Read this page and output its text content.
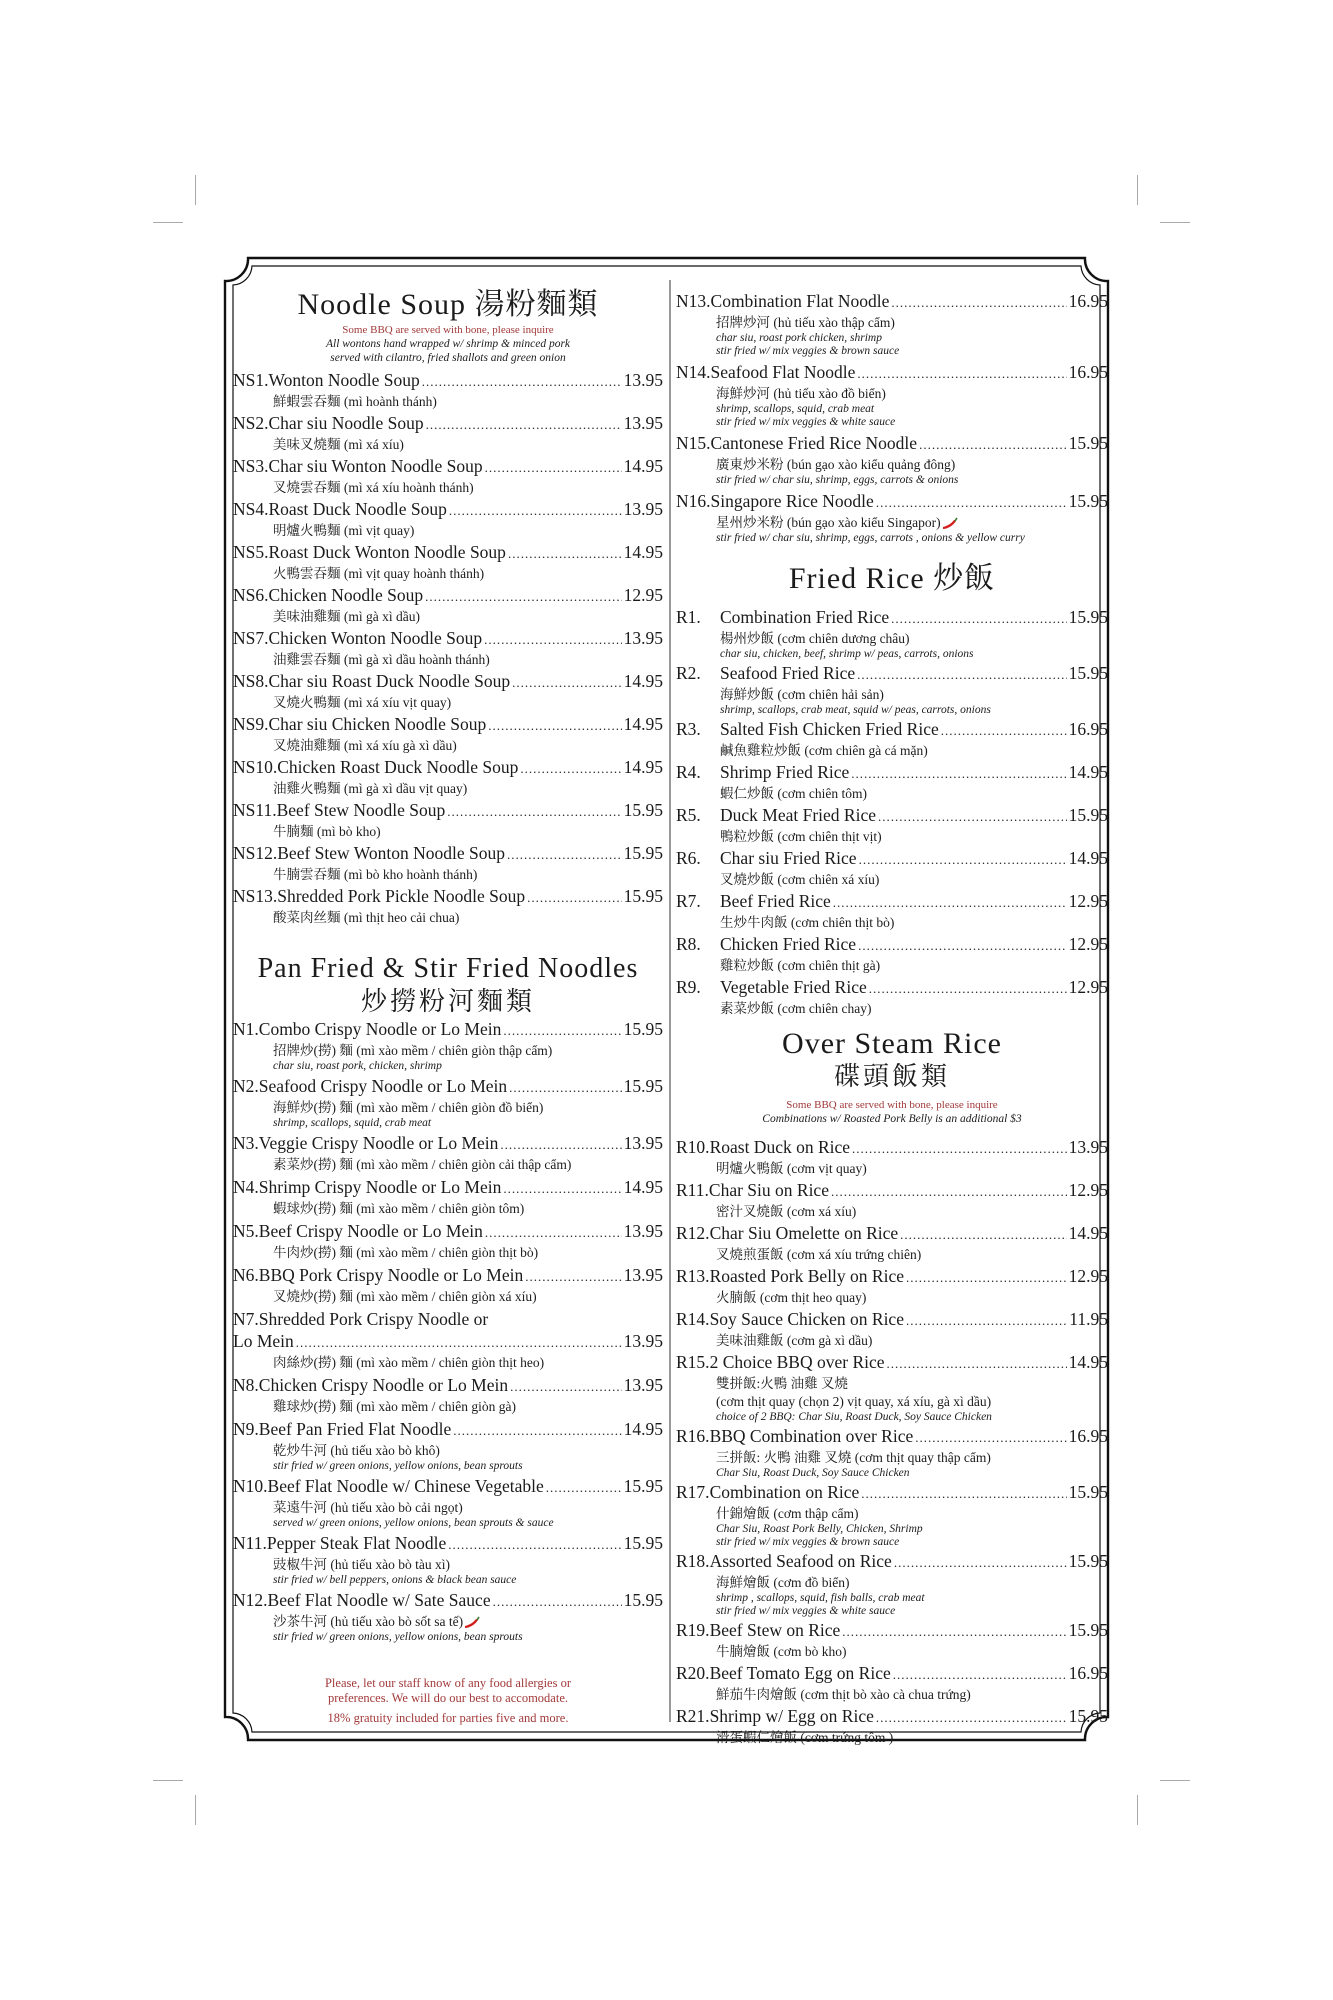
Noodle Soup 湯粉麵類
Some BBQ are served with bone, please inquire
All wontons hand wrapped w/ shrimp & minced pork
served with cilantro, fried shallots and green onion
NS1. Wonton Noodle Soup .....	13.95
鮮蝦雲吞麵 (mì hoành thánh)
NS2. Char siu Noodle Soup .....	13.95
美味叉燒麵 (mì xá xíu)
NS3. Char siu Wonton Noodle Soup .....	14.95
叉燒雲吞麵 (mì xá xíu hoành thánh)
NS4. Roast Duck Noodle Soup .....	13.95
明爐火鴨麵 (mì vịt quay)
NS5. Roast Duck Wonton Noodle Soup .....	14.95
火鴨雲吞麵 (mì vịt quay hoành thánh)
NS6. Chicken Noodle Soup .....	12.95
美味油雞麵 (mì gà xì dầu)
NS7. Chicken Wonton Noodle Soup .....	13.95
油雞雲吞麵 (mì gà xì dầu hoành thánh)
NS8. Char siu Roast Duck Noodle Soup .....	14.95
叉燒火鴨麵 (mì xá xíu vịt quay)
NS9. Char siu Chicken Noodle Soup .....	14.95
叉燒油雞麵 (mì xá xíu gà xì dầu)
NS10. Chicken Roast Duck Noodle Soup .....	14.95
油雞火鴨麵 (mì gà xì dầu vịt quay)
NS11. Beef Stew Noodle Soup .....	15.95
牛腩麵 (mì bò kho)
NS12. Beef Stew Wonton Noodle Soup .....	15.95
牛腩雲吞麵 (mì bò kho hoành thánh)
NS13. Shredded Pork Pickle Noodle Soup .....	15.95
酸菜肉丝麵 (mì thịt heo cải chua)
Pan Fried & Stir Fried Noodles
炒撈粉河麵類
N1. Combo Crispy Noodle or Lo Mein .....	15.95
招牌炒(撈) 麵 (mì xào mềm / chiên giòn thập cẩm)
char siu, roast pork, chicken, shrimp
N2. Seafood Crispy Noodle or Lo Mein .....	15.95
海鮮炒(撈) 麵 (mì xào mềm / chiên giòn đồ biển)
shrimp, scallops, squid, crab meat
N3. Veggie Crispy Noodle or Lo Mein .....	13.95
素菜炒(撈) 麵 (mì xào mềm / chiên giòn cải thập cẩm)
N4. Shrimp Crispy Noodle or Lo Mein .....	14.95
蝦球炒(撈) 麵 (mì xào mềm / chiên giòn tôm)
N5. Beef Crispy Noodle or Lo Mein .....	13.95
牛肉炒(撈) 麵 (mì xào mềm / chiên giòn thịt bò)
N6. BBQ Pork Crispy Noodle or Lo Mein .....	13.95
叉燒炒(撈) 麵 (mì xào mềm / chiên giòn xá xíu)
N7. Shredded Pork Crispy Noodle or
Lo Mein .....	13.95
肉絲炒(撈) 麵 (mì xào mềm / chiên giòn thịt heo)
N8. Chicken Crispy Noodle or Lo Mein .....	13.95
雞球炒(撈) 麵 (mì xào mềm / chiên giòn gà)
N9. Beef Pan Fried Flat Noodle .....	14.95
乾炒牛河 (hủ tiếu xào bò khô)
stir fried w/ green onions, yellow onions, bean sprouts
N10. Beef Flat Noodle w/ Chinese Vegetable .....	15.95
菜遠牛河 (hủ tiếu xào bò cải ngọt)
served w/ green onions, yellow onions, bean sprouts & sauce
N11. Pepper Steak Flat Noodle .....	15.95
豉椒牛河 (hủ tiếu xào bò tàu xì)
stir fried w/ bell peppers, onions & black bean sauce
N12. Beef Flat Noodle w/ Sate Sauce .....	15.95
沙茶牛河 (hủ tiếu xào bò sốt sa tế)
stir fried w/ green onions, yellow onions, bean sprouts

Please, let our staff know of any food allergies or

preferences. We will do our best to accomodate.

18% gratuity included for parties five and more.

N13. Combination Flat Noodle .....	16.95
招牌炒河 (hủ tiếu xào thập cẩm)
char siu, roast pork chicken, shrimp
stir fried w/ mix veggies & brown sauce
N14. Seafood Flat Noodle .....	16.95
海鮮炒河 (hủ tiếu xào đồ biển)
shrimp, scallops, squid, crab meat
stir fried w/ mix veggies & white sauce
N15. Cantonese Fried Rice Noodle .....	15.95
廣東炒米粉 (bún gạo xào kiểu quảng đông)
stir fried w/ char siu, shrimp, eggs, carrots & onions
N16. Singapore Rice Noodle .....	15.95
星州炒米粉 (bún gạo xào kiểu Singapor)
stir fried w/ char siu, shrimp, eggs, carrots , onions & yellow curry
Fried Rice 炒飯
R1.	Combination Fried Rice .....	15.95
楊州炒飯 (cơm chiên dương châu)
char siu, chicken, beef, shrimp w/ peas, carrots, onions
R2.	Seafood Fried Rice .....	15.95
海鮮炒飯 (cơm chiên hải sản)
shrimp, scallops, crab meat, squid w/ peas, carrots, onions
R3.	Salted Fish Chicken Fried Rice .....	16.95
鹹魚雞粒炒飯 (cơm chiên gà cá mặn)
R4.	Shrimp Fried Rice .....	14.95
蝦仁炒飯 (cơm chiên tôm)
R5.	Duck Meat Fried Rice .....	15.95
鴨粒炒飯 (cơm chiên thịt vịt)
R6.	Char siu Fried Rice .....	14.95
叉燒炒飯 (cơm chiên xá xíu)
R7.	Beef Fried Rice .....	12.95
生炒牛肉飯 (cơm chiên thịt bò)
R8.	Chicken Fried Rice .....	12.95
雞粒炒飯 (cơm chiên thịt gà)
R9.	Vegetable Fried Rice .....	12.95
素菜炒飯 (cơm chiên chay)
Over Steam Rice
碟頭飯類
Some BBQ are served with bone, please inquire
Combinations w/ Roasted Pork Belly is an additional $3
R10. Roast Duck on Rice .....	13.95
明爐火鴨飯 (cơm vịt quay)
R11. Char Siu on Rice .....	12.95
密汁叉燒飯 (cơm xá xíu)
R12. Char Siu Omelette on Rice .....	14.95
叉燒煎蛋飯 (cơm xá xíu trứng chiên)
R13. Roasted Pork Belly on Rice .....	12.95
火腩飯 (cơm thịt heo quay)
R14. Soy Sauce Chicken on Rice .....	11.95
美味油雞飯 (cơm gà xì dầu)
R15. 2 Choice BBQ over Rice .....	14.95
雙拼飯:火鴨 油雞 叉燒
(cơm thịt quay (chọn 2) vịt quay, xá xíu, gà xì dầu)
choice of 2 BBQ: Char Siu, Roast Duck, Soy Sauce Chicken
R16. BBQ Combination over Rice .....	16.95
三拼飯: 火鴨 油雞 叉燒 (cơm thịt quay thập cẩm)
Char Siu, Roast Duck, Soy Sauce Chicken
R17. Combination on Rice .....	15.95
什錦燴飯 (cơm thập cẩm)
Char Siu, Roast Pork Belly, Chicken, Shrimp
stir fried w/ mix veggies & brown sauce
R18. Assorted Seafood on Rice .....	15.95
海鮮燴飯 (cơm đồ biển)
shrimp , scallops, squid, fish balls, crab meat
stir fried w/ mix veggies & white sauce
R19. Beef Stew on Rice .....	15.95
牛腩燴飯 (cơm bò kho)
R20. Beef Tomato Egg on Rice .....	16.95
鮮茄牛肉燴飯 (cơm thịt bò xào cà chua trứng)
R21. Shrimp w/ Egg on Rice .....	15.95
滑蛋蝦仁燴飯 (cơm trứng tôm )
